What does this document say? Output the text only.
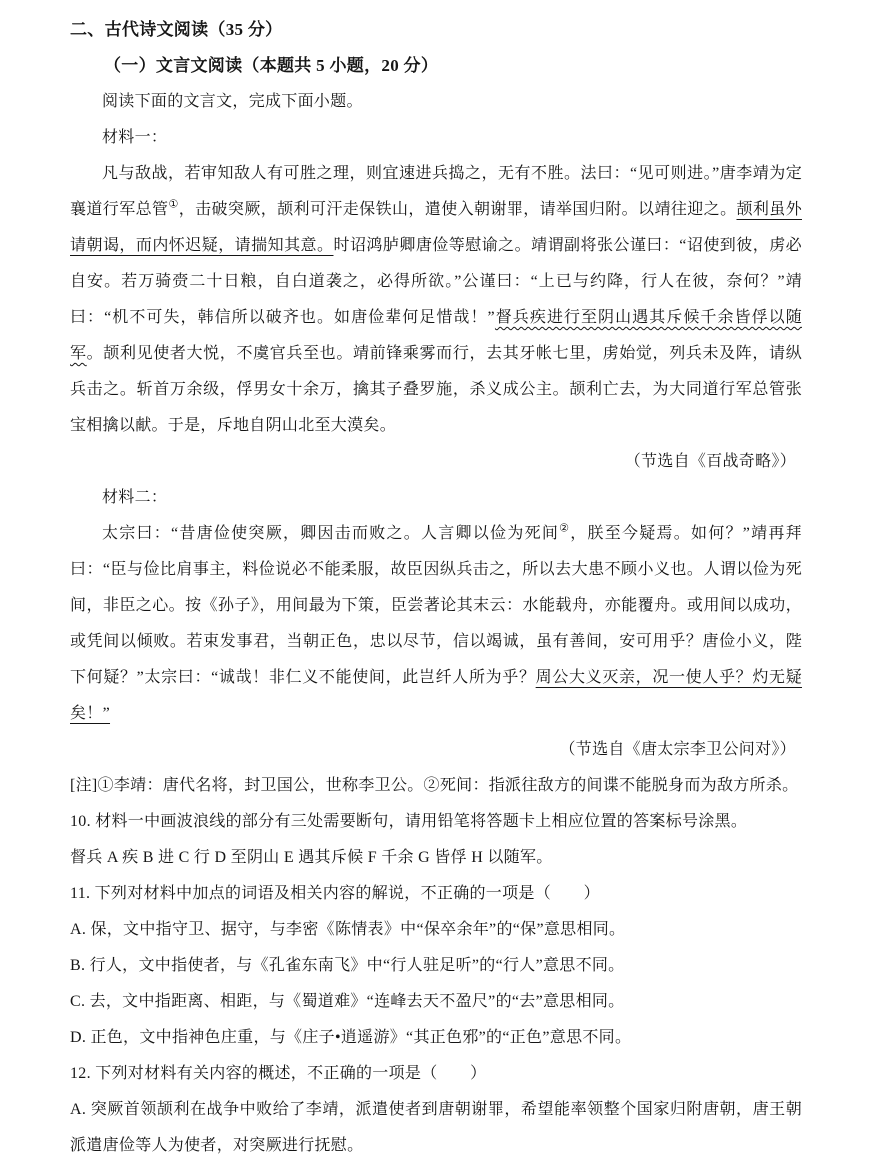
二、古代诗文阅读（35 分）
（一）文言文阅读（本题共 5 小题，20 分）

阅读下面的文言文，完成下面小题。

材料一：

凡与敌战，若审知敌人有可胜之理，则宜速进兵捣之，无有不胜。法曰：“见可则进。”唐李靖为定襄道行军总管①，击破突厥，颉利可汗走保铁山，遣使入朝谢罪，请举国归附。以靖往迎之。颉利虽外请朝谒，而内怀迟疑，请揣知其意。时诏鸿胪卿唐俭等慰谕之。靖谓副将张公谨曰：“诏使到彼，虏必自安。若万骑赍二十日粮，自白道袭之，必得所欲。”公谨曰：“上已与约降，行人在彼，奈何？”靖曰：“机不可失，韩信所以破齐也。如唐俭辈何足惜哉！”督兵疾进行至阴山遇其斥候千余皆俘以随军。颉利见使者大悦，不虞官兵至也。靖前锋乘雾而行，去其牙帐七里，虏始觉，列兵未及阵，请纵兵击之。斩首万余级，俘男女十余万，擒其子叠罗施，杀义成公主。颉利亡去，为大同道行军总管张宝相擒以献。于是，斥地自阴山北至大漠矣。

（节选自《百战奇略》）

材料二：

太宗曰：“昔唐俭使突厥，卿因击而败之。人言卿以俭为死间②，朕至今疑焉。如何？”靖再拜曰：“臣与俭比肩事主，料俭说必不能柔服，故臣因纵兵击之，所以去大患不顾小义也。人谓以俭为死间，非臣之心。按《孙子》，用间最为下策，臣尝著论其末云：水能载舟，亦能覆舟。或用间以成功，或凭间以倾败。若束发事君，当朝正色，忠以尽节，信以竭诚，虽有善间，安可用乎？唐俭小义，陛下何疑？”太宗曰：“诚哉！非仁义不能使间，此岂纤人所为乎？周公大义灭亲，况一使人乎？灼无疑矣！”

（节选自《唐太宗李卫公问对》）

[注]①李靖：唐代名将，封卫国公，世称李卫公。②死间：指派往敌方的间谍不能脱身而为敌方所杀。

10. 材料一中画波浪线的部分有三处需要断句，请用铅笔将答题卡上相应位置的答案标号涂黑。

督兵 A 疾 B 进 C 行 D 至阴山 E 遇其斥候 F 千余 G 皆俘 H 以随军。

11. 下列对材料中加点的词语及相关内容的解说，不正确的一项是（　　）

A. 保，文中指守卫、据守，与李密《陈情表》中“保卒余年”的“保”意思相同。

B. 行人，文中指使者，与《孔雀东南飞》中“行人驻足听”的“行人”意思不同。

C. 去，文中指距离、相距，与《蜀道难》“连峰去天不盈尺”的“去”意思相同。

D. 正色，文中指神色庄重，与《庄子•逍遥游》“其正色邪”的“正色”意思不同。

12. 下列对材料有关内容的概述，不正确的一项是（　　）

A. 突厥首领颉利在战争中败给了李靖，派遣使者到唐朝谢罪，希望能率领整个国家归附唐朝，唐王朝派遣唐俭等人为使者，对突厥进行抚慰。
